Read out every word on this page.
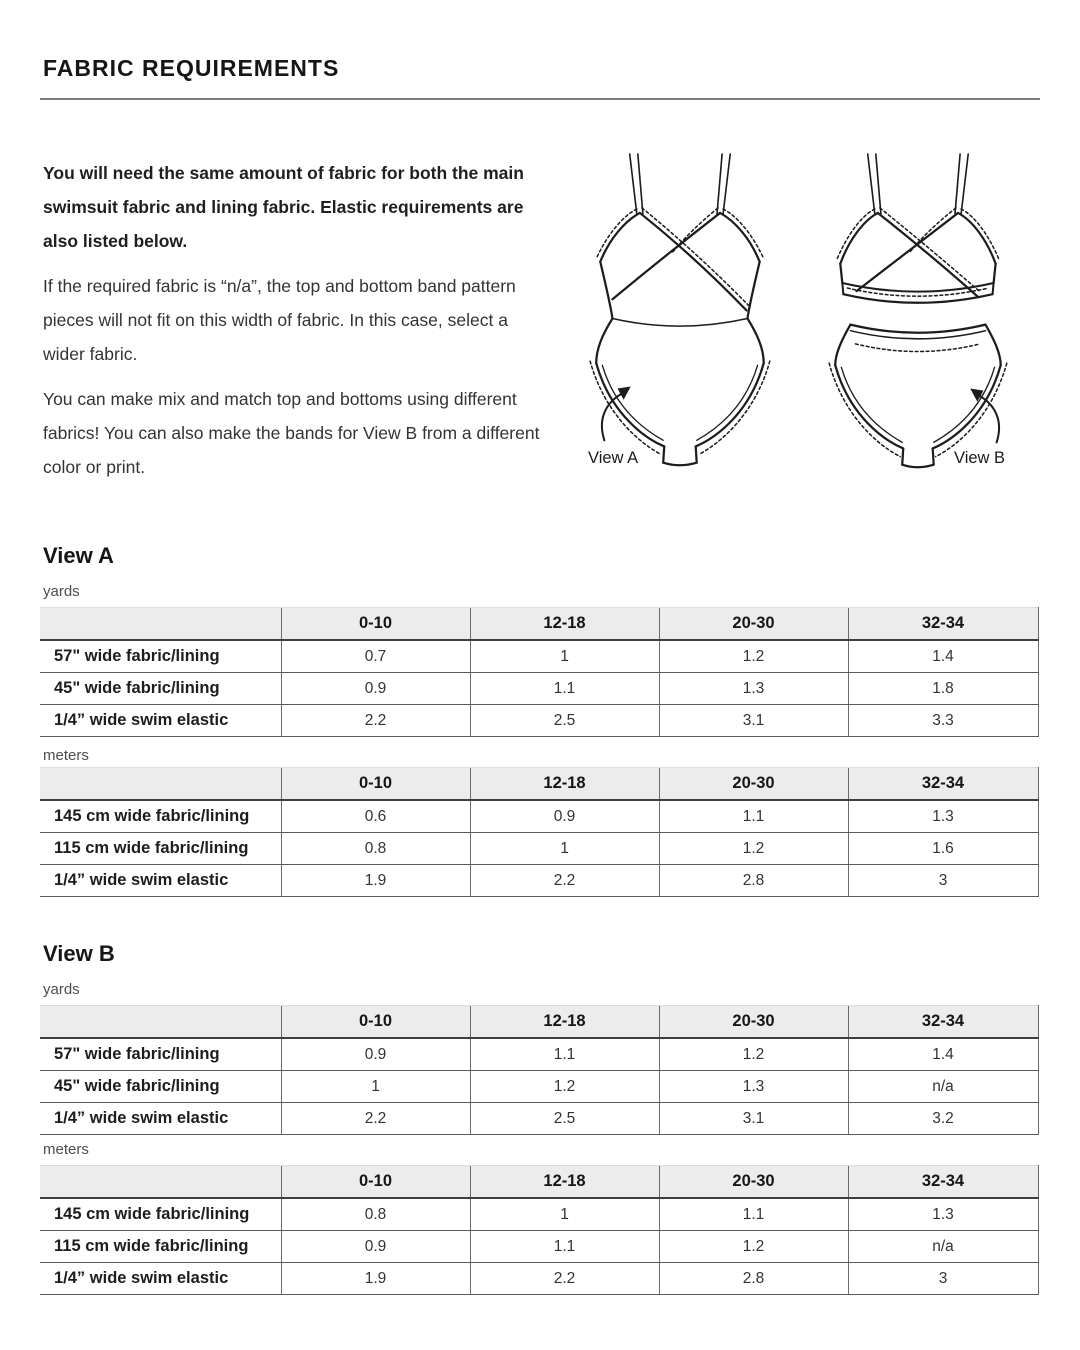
FABRIC REQUIREMENTS

You will need the same amount of fabric for both the main swimsuit fabric and lining fabric. Elastic requirements are also listed below.

If the required fabric is “n/a”, the top and bottom band pattern pieces will not fit on this width of fabric. In this case, select a wider fabric.

You can make mix and match top and bottoms using different fabrics! You can also make the bands for View B from a different color or print.	View A	View B
View A
yards
	0-10	12-18	20-30	32-34
57" wide fabric/lining	0.7	1	1.2	1.4
45" wide fabric/lining	0.9	1.1	1.3	1.8
1/4” wide swim elastic	2.2	2.5	3.1	3.3
meters
	0-10	12-18	20-30	32-34
145 cm wide fabric/lining	0.6	0.9	1.1	1.3
115 cm wide fabric/lining	0.8	1	1.2	1.6
1/4” wide swim elastic	1.9	2.2	2.8	3
View B
yards
	0-10	12-18	20-30	32-34
57" wide fabric/lining	0.9	1.1	1.2	1.4
45" wide fabric/lining	1	1.2	1.3	n/a
1/4” wide swim elastic	2.2	2.5	3.1	3.2
meters
	0-10	12-18	20-30	32-34
145 cm wide fabric/lining	0.8	1	1.1	1.3
115 cm wide fabric/lining	0.9	1.1	1.2	n/a
1/4” wide swim elastic	1.9	2.2	2.8	3
